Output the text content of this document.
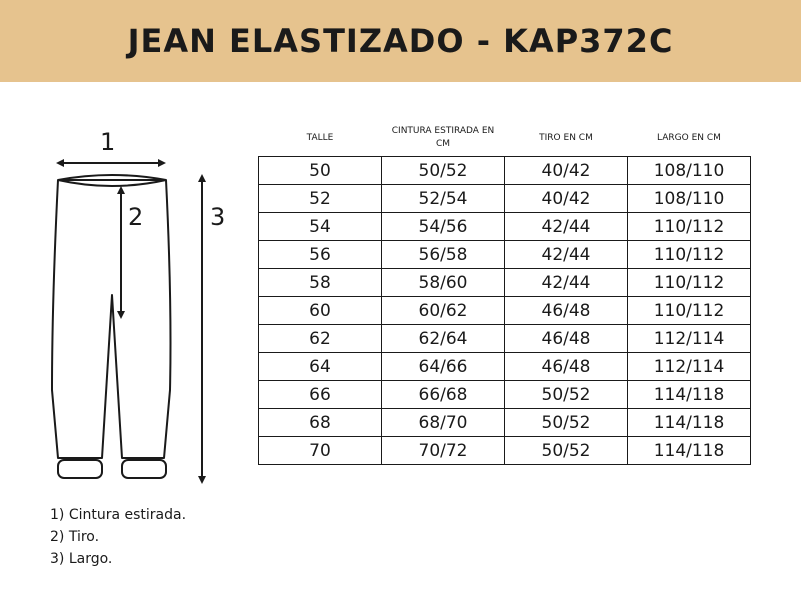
JEAN ELASTIZADO - KAP372C
1
2	3
TALLE	CINTURA ESTIRADA EN CM	TIRO EN CM	LARGO EN CM
50	50/52	40/42	108/110
52	52/54	40/42	108/110
54	54/56	42/44	110/112
56	56/58	42/44	110/112
58	58/60	42/44	110/112
60	60/62	46/48	110/112
62	62/64	46/48	112/114
64	64/66	46/48	112/114
66	66/68	50/52	114/118
68	68/70	50/52	114/118
70	70/72	50/52	114/118
1) Cintura estirada.
2) Tiro.
3) Largo.
